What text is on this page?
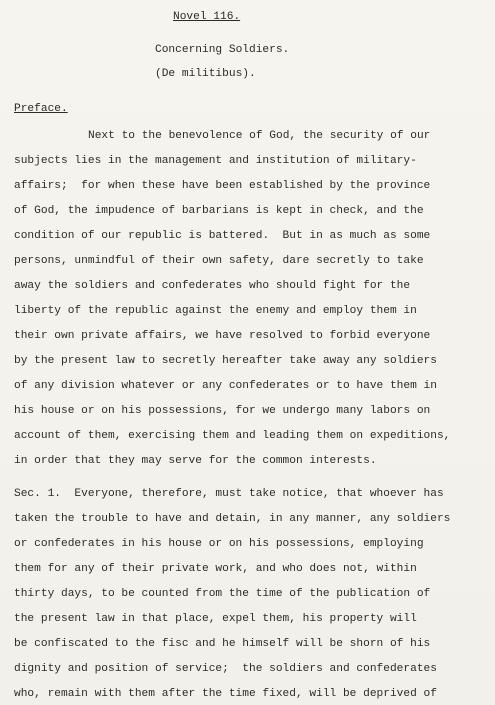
Novel 116.
Concerning Soldiers.
(De militibus).
Preface.
Next to the benevolence of God, the security of our
subjects lies in the management and institution of military-
affairs;  for when these have been established by the province
of God, the impudence of barbarians is kept in check, and the
condition of our republic is battered.  But in as much as some
persons, unmindful of their own safety, dare secretly to take
away the soldiers and confederates who should fight for the
liberty of the republic against the enemy and employ them in
their own private affairs, we have resolved to forbid everyone
by the present law to secretly hereafter take away any soldiers
of any division whatever or any confederates or to have them in
his house or on his possessions, for we undergo many labors on
account of them, exercising them and leading them on expeditions,
in order that they may serve for the common interests.
Sec. 1.  Everyone, therefore, must take notice, that whoever has
taken the trouble to have and detain, in any manner, any soldiers
or confederates in his house or on his possessions, employing
them for any of their private work, and who does not, within
thirty days, to be counted from the time of the publication of
the present law in that place, expel them, his property will
be confiscated to the fisc and he himself will be shorn of his
dignity and position of service;  the soldiers and confederates
who, remain with them after the time fixed, will be deprived of
